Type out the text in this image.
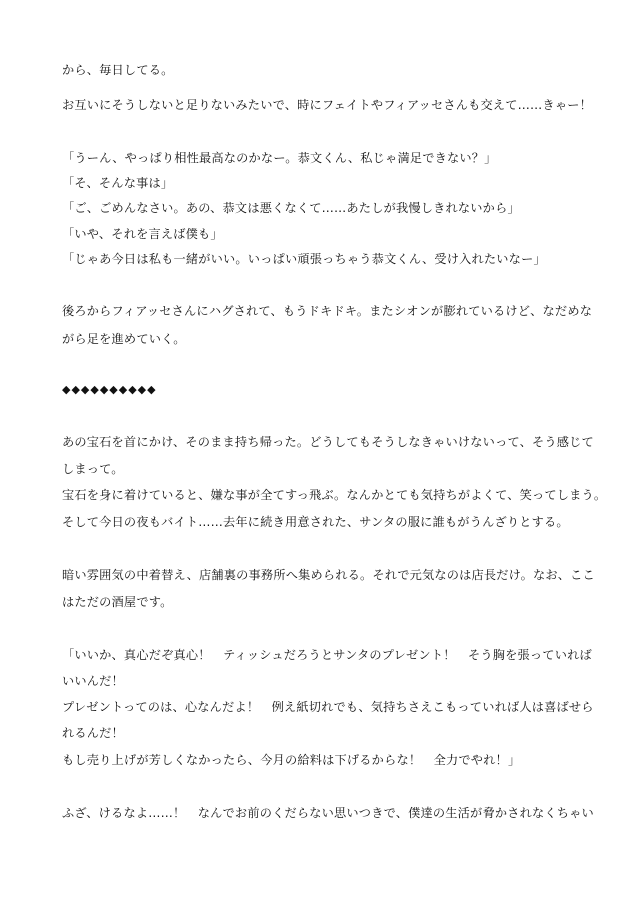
から、毎日してる。
お互いにそうしないと足りないみたいで、時にフェイトやフィアッセさんも交えて……きゃー！
「うーん、やっぱり相性最高なのかなー。恭文くん、私じゃ満足できない？」
「そ、そんな事は」
「ご、ごめんなさい。あの、恭文は悪くなくて……あたしが我慢しきれないから」
「いや、それを言えば僕も」
「じゃあ今日は私も一緒がいい。いっぱい頑張っちゃう恭文くん、受け入れたいなー」
後ろからフィアッセさんにハグされて、もうドキドキ。またシオンが膨れているけど、なだめな
がら足を進めていく。
◆◆◆◆◆◆◆◆◆◆
あの宝石を首にかけ、そのまま持ち帰った。どうしてもそうしなきゃいけないって、そう感じて
しまって。
宝石を身に着けていると、嫌な事が全てすっ飛ぶ。なんかとても気持ちがよくて、笑ってしまう。
そして今日の夜もバイト……去年に続き用意された、サンタの服に誰もがうんざりとする。
暗い雰囲気の中着替え、店舗裏の事務所へ集められる。それで元気なのは店長だけ。なお、ここ
はただの酒屋です。
「いいか、真心だぞ真心！　ティッシュだろうとサンタのプレゼント！　そう胸を張っていれば
いいんだ！
プレゼントってのは、心なんだよ！　例え紙切れでも、気持ちさえこもっていれば人は喜ばせら
れるんだ！
もし売り上げが芳しくなかったら、今月の給料は下げるからな！　全力でやれ！」
ふざ、けるなよ……！　なんでお前のくだらない思いつきで、僕達の生活が脅かされなくちゃい
